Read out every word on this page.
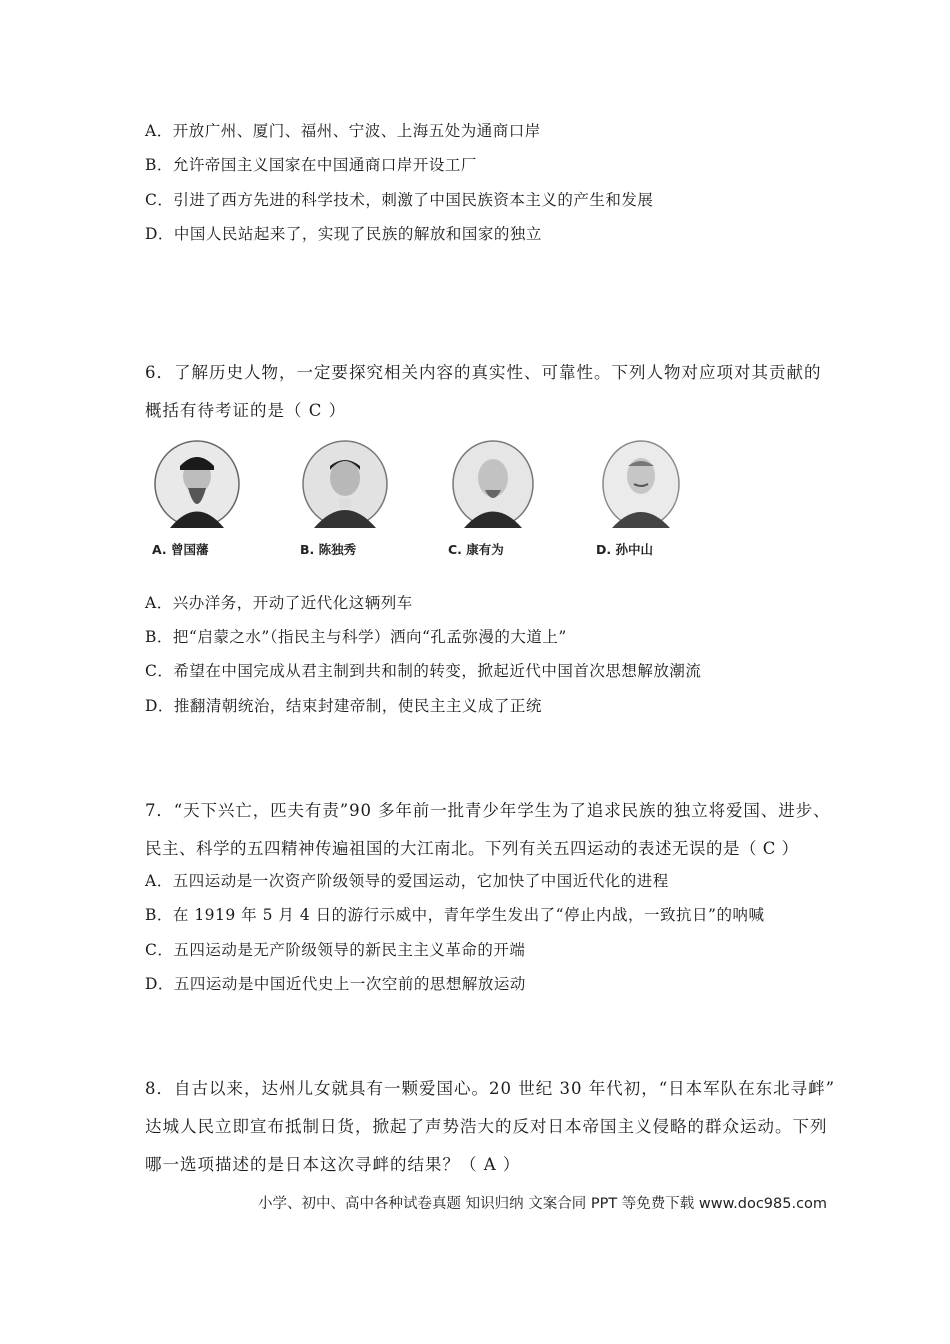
A．开放广州、厦门、福州、宁波、上海五处为通商口岸
B．允许帝国主义国家在中国通商口岸开设工厂
C．引进了西方先进的科学技术，刺激了中国民族资本主义的产生和发展
D．中国人民站起来了，实现了民族的解放和国家的独立
6．了解历史人物，一定要探究相关内容的真实性、可靠性。下列人物对应项对其贡献的
概括有待考证的是（ C ）
A. 曾国藩	B. 陈独秀	C. 康有为	D. 孙中山
A．兴办洋务，开动了近代化这辆列车
B．把“启蒙之水”（指民主与科学）洒向“孔孟弥漫的大道上”
C．希望在中国完成从君主制到共和制的转变，掀起近代中国首次思想解放潮流
D．推翻清朝统治，结束封建帝制，使民主主义成了正统
7．“天下兴亡，匹夫有责”90 多年前一批青少年学生为了追求民族的独立将爱国、进步、
民主、科学的五四精神传遍祖国的大江南北。下列有关五四运动的表述无误的是（ C ）
A．五四运动是一次资产阶级领导的爱国运动，它加快了中国近代化的进程
B．在 1919 年 5 月 4 日的游行示威中，青年学生发出了“停止内战，一致抗日”的呐喊
C．五四运动是无产阶级领导的新民主主义革命的开端
D．五四运动是中国近代史上一次空前的思想解放运动
8．自古以来，达州儿女就具有一颗爱国心。20 世纪 30 年代初，“日本军队在东北寻衅”
达城人民立即宣布抵制日货，掀起了声势浩大的反对日本帝国主义侵略的群众运动。下列
哪一选项描述的是日本这次寻衅的结果？（ A ）
小学、初中、高中各种试卷真题 知识归纳 文案合同 PPT 等免费下载 www.doc985.com
